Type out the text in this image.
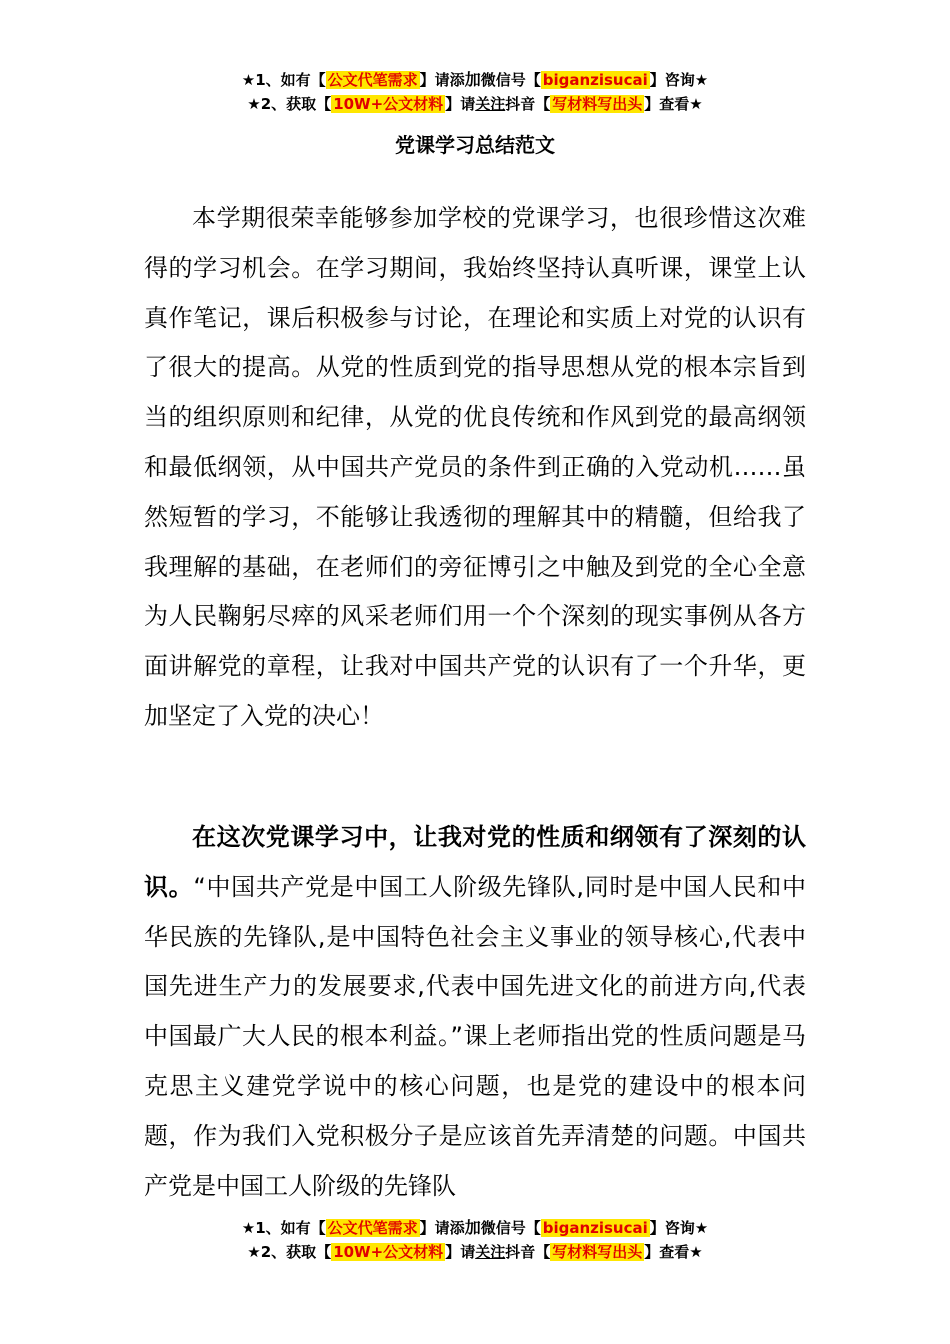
★1、如有【 公文代笔需求 】请添加微信号【 biganzisucai 】咨询★
★2、获取【 10W+公文材料 】请关注抖音【 写材料写出头 】查看★
党课学习总结范文

本学期很荣幸能够参加学校的党课学习，也很珍惜这次难得的学习机会。在学习期间，我始终坚持认真听课，课堂上认真作笔记，课后积极参与讨论，在理论和实质上对党的认识有了很大的提高。从党的性质到党的指导思想从党的根本宗旨到当的组织原则和纪律，从党的优良传统和作风到党的最高纲领和最低纲领，从中国共产党员的条件到正确的入党动机……虽然短暂的学习，不能够让我透彻的理解其中的精髓，但给我了我理解的基础，在老师们的旁征博引之中触及到党的全心全意为人民鞠躬尽瘁的风采老师们用一个个深刻的现实事例从各方面讲解党的章程，让我对中国共产党的认识有了一个升华，更加坚定了入党的决心！

在这次党课学习中，让我对党的性质和纲领有了深刻的认识。“中国共产党是中国工人阶级先锋队,同时是中国人民和中华民族的先锋队,是中国特色社会主义事业的领导核心,代表中国先进生产力的发展要求,代表中国先进文化的前进方向,代表中国最广大人民的根本利益。”课上老师指出党的性质问题是马克思主义建党学说中的核心问题，也是党的建设中的根本问题，作为我们入党积极分子是应该首先弄清楚的问题。中国共产党是中国工人阶级的先锋队

★1、如有【 公文代笔需求 】请添加微信号【 biganzisucai 】咨询★
★2、获取【 10W+公文材料 】请关注抖音【 写材料写出头 】查看★
